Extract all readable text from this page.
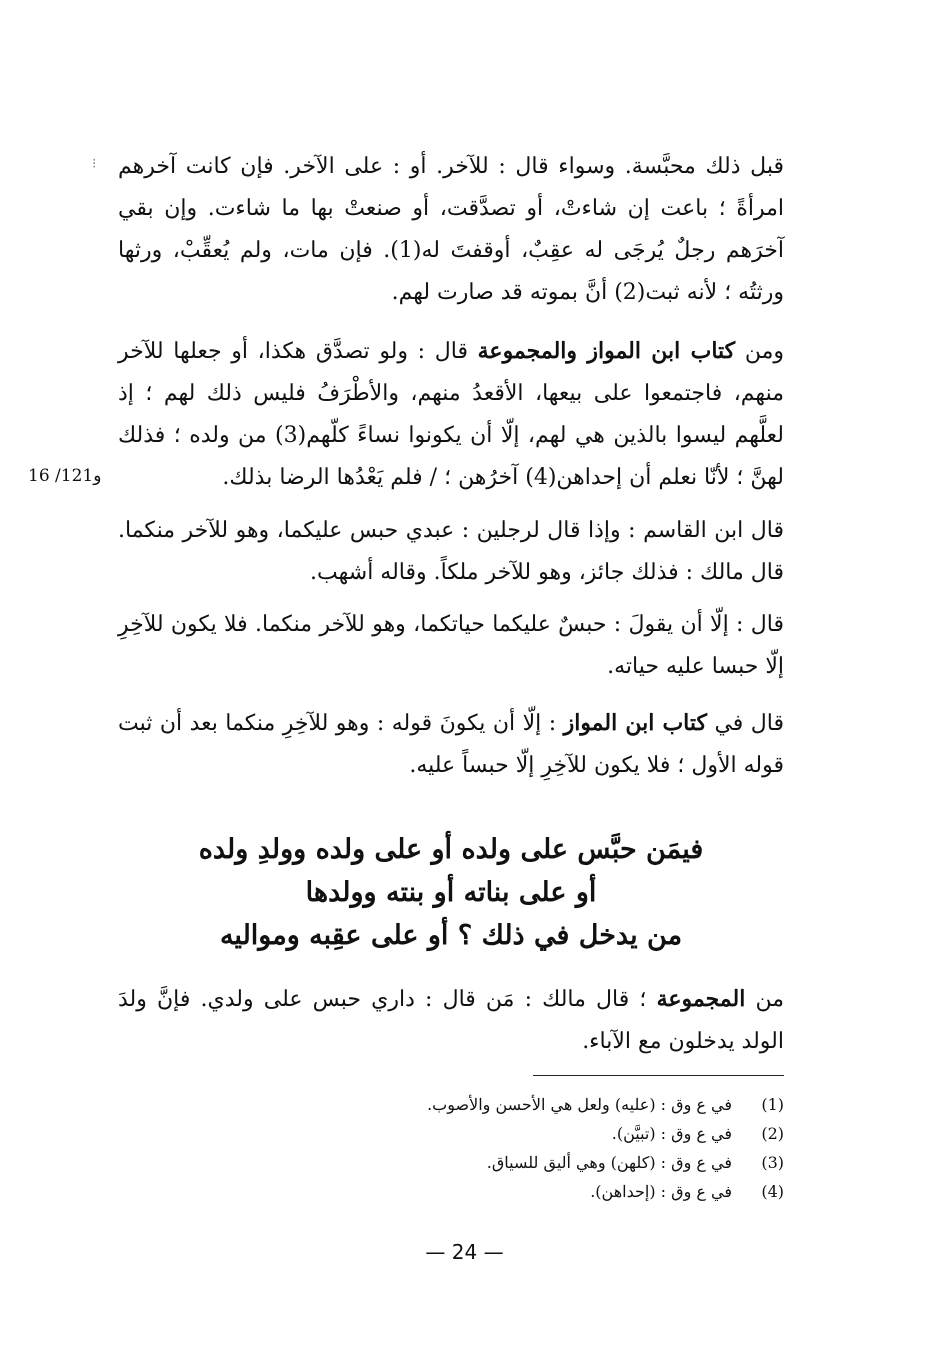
⁝ قبل ذلك محبَّسة. وسواء قال : للآخر. أو : على الآخر. فإن كانت آخرهم امرأةً ؛ باعت إن شاءتْ، أو تصدَّقت، أو صنعتْ بها ما شاءت. وإن بقي آخرَهم رجلٌ يُرجَى له عقِبٌ، أوقفتَ له(1). فإن مات، ولم يُعقِّبْ، ورثها ورثتُه ؛ لأنه ثبت(2) أنَّ بموته قد صارت لهم.
ومن كتاب ابن المواز والمجموعة قال : ولو تصدَّق هكذا، أو جعلها للآخر منهم، فاجتمعوا على بيعها، الأقعدُ منهم، والأطْرَفُ فليس ذلك لهم ؛ إذ لعلَّهم ليسوا بالذين هي لهم، إلّا أن يكونوا نساءً كلّهم(3) من ولده ؛ فذلك لهنَّ ؛ لأنّا نعلم أن إحداهن(4) آخرُهن ؛ / فلم يَعْدُها الرضا بذلك.
16 /121و
قال ابن القاسم : وإذا قال لرجلين : عبدي حبس عليكما، وهو للآخر منكما. قال مالك : فذلك جائز، وهو للآخر ملكاً. وقاله أشهب.
قال : إلّا أن يقولَ : حبسٌ عليكما حياتكما، وهو للآخر منكما. فلا يكون للآخِرِ إلّا حبسا عليه حياته.
قال في كتاب ابن المواز : إلّا أن يكونَ قوله : وهو للآخِرِ منكما بعد أن ثبت قوله الأول ؛ فلا يكون للآخِرِ إلّا حبساً عليه.
فيمَن حبَّس على ولده أو على ولده وولدِ ولده
أو على بناته أو بنته وولدها
من يدخل في ذلك ؟ أو على عقِبه ومواليه
من المجموعة ؛ قال مالك : مَن قال : داري حبس على ولدي. فإنَّ ولدَ الولد يدخلون مع الآباء.
(1)
في ع وق : (عليه) ولعل هي الأحسن والأصوب.
(2)
في ع وق : (تبيَّن).
(3)
في ع وق : (كلهن) وهي أليق للسياق.
(4)
في ع وق : (إحداهن).
— 24 —
